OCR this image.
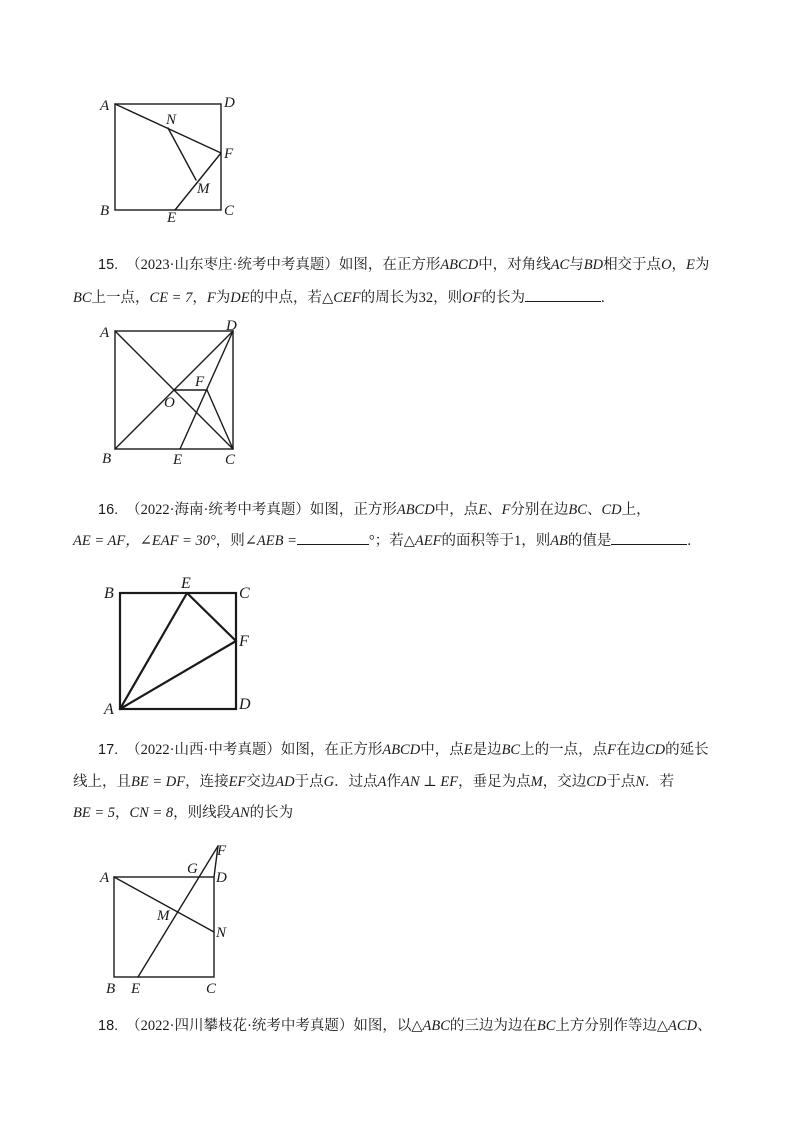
A	D
N
F
M
B	E	C
15. （2023·山东枣庄·统考中考真题）如图，在正方形ABCD中，对角线AC与BD相交于点O，E为
BC上一点，CE = 7，F为DE的中点，若△CEF的周长为32，则OF的长为	.
A	D
F
O
B	E	C
16. （2022·海南·统考中考真题）如图，正方形ABCD中，点E、F分别在边BC、CD上，
AE = AF，∠EAF = 30°，则∠AEB =	°；若△AEF的面积等于1，则AB的值是	.
B
E
C
F
A	D
17. （2022·山西·中考真题）如图，在正方形ABCD中，点E是边BC上的一点，点F在边CD的延长
线上，且BE = DF，连接EF交边AD于点G．过点A作AN ⊥ EF，垂足为点M，交边CD于点N．若
BE = 5，CN = 8，则线段AN的长为
F
A
G
D
M
N
B E	C
18. （2022·四川攀枝花·统考中考真题）如图，以△ABC的三边为边在BC上方分别作等边△ACD、
